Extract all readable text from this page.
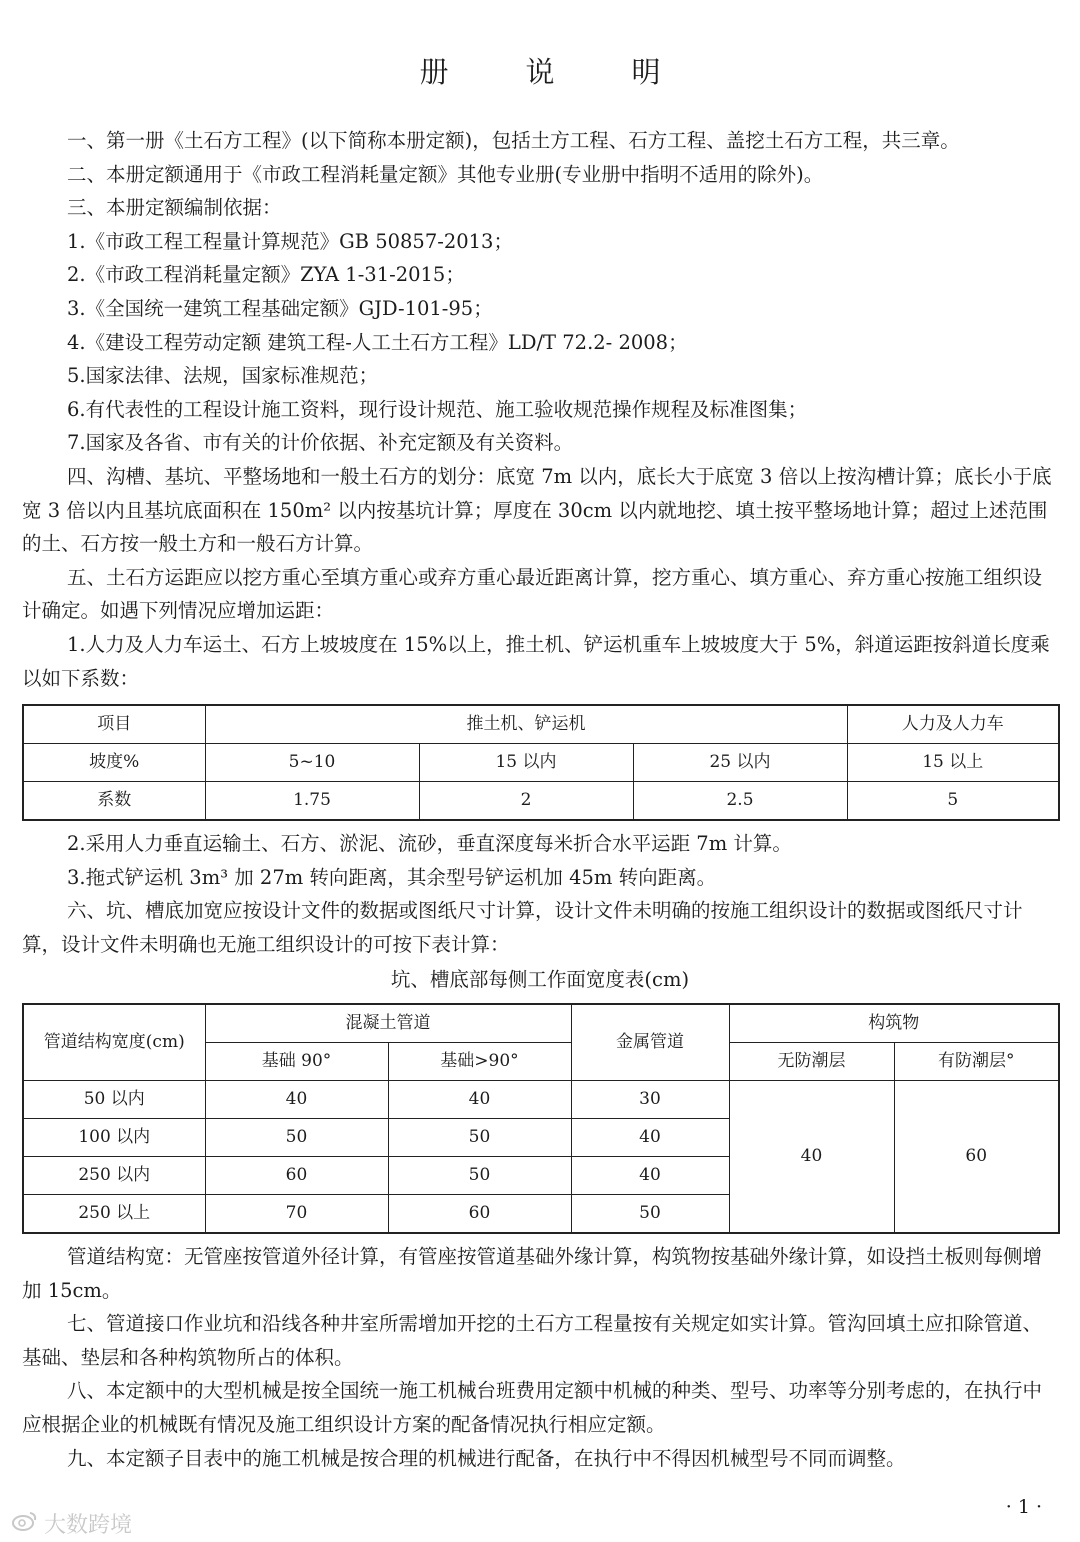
册　说　明

一、第一册《土石方工程》(以下简称本册定额)，包括土方工程、石方工程、盖挖土石方工程，共三章。

二、本册定额通用于《市政工程消耗量定额》其他专业册(专业册中指明不适用的除外)。

三、本册定额编制依据：

1.《市政工程工程量计算规范》GB 50857-2013；

2.《市政工程消耗量定额》ZYA 1-31-2015；

3.《全国统一建筑工程基础定额》GJD-101-95；

4.《建设工程劳动定额 建筑工程-人工土石方工程》LD/T 72.2- 2008；

5.国家法律、法规，国家标准规范；

6.有代表性的工程设计施工资料，现行设计规范、施工验收规范操作规程及标准图集；

7.国家及各省、市有关的计价依据、补充定额及有关资料。

四、沟槽、基坑、平整场地和一般土石方的划分：底宽 7m 以内，底长大于底宽 3 倍以上按沟槽计算；底长小于底宽 3 倍以内且基坑底面积在 150m² 以内按基坑计算；厚度在 30cm 以内就地挖、填土按平整场地计算；超过上述范围的土、石方按一般土方和一般石方计算。

五、土石方运距应以挖方重心至填方重心或弃方重心最近距离计算，挖方重心、填方重心、弃方重心按施工组织设计确定。如遇下列情况应增加运距：

1.人力及人力车运土、石方上坡坡度在 15%以上，推土机、铲运机重车上坡坡度大于 5%，斜道运距按斜道长度乘以如下系数：

项目	推土机、铲运机			人力及人力车
坡度%	5~10	15 以内	25 以内	15 以上
系数	1.75	2	2.5	5

2.采用人力垂直运输土、石方、淤泥、流砂，垂直深度每米折合水平运距 7m 计算。

3.拖式铲运机 3m³ 加 27m 转向距离，其余型号铲运机加 45m 转向距离。

六、坑、槽底加宽应按设计文件的数据或图纸尺寸计算，设计文件未明确的按施工组织设计的数据或图纸尺寸计算，设计文件未明确也无施工组织设计的可按下表计算：

坑、槽底部每侧工作面宽度表(cm)
管道结构宽度(cm)	混凝土管道		金属管道	构筑物	
	基础 90°	基础>90°		无防潮层	有防潮层°
50 以内	40	40	30	40	60
100 以内	50	50	40		
250 以内	60	50	40		
250 以上	70	60	50		

管道结构宽：无管座按管道外径计算，有管座按管道基础外缘计算，构筑物按基础外缘计算，如设挡土板则每侧增加 15cm。

七、管道接口作业坑和沿线各种井室所需增加开挖的土石方工程量按有关规定如实计算。管沟回填土应扣除管道、基础、垫层和各种构筑物所占的体积。

八、本定额中的大型机械是按全国统一施工机械台班费用定额中机械的种类、型号、功率等分别考虑的，在执行中应根据企业的机械既有情况及施工组织设计方案的配备情况执行相应定额。

九、本定额子目表中的施工机械是按合理的机械进行配备，在执行中不得因机械型号不同而调整。

· 1 ·
大数跨境
